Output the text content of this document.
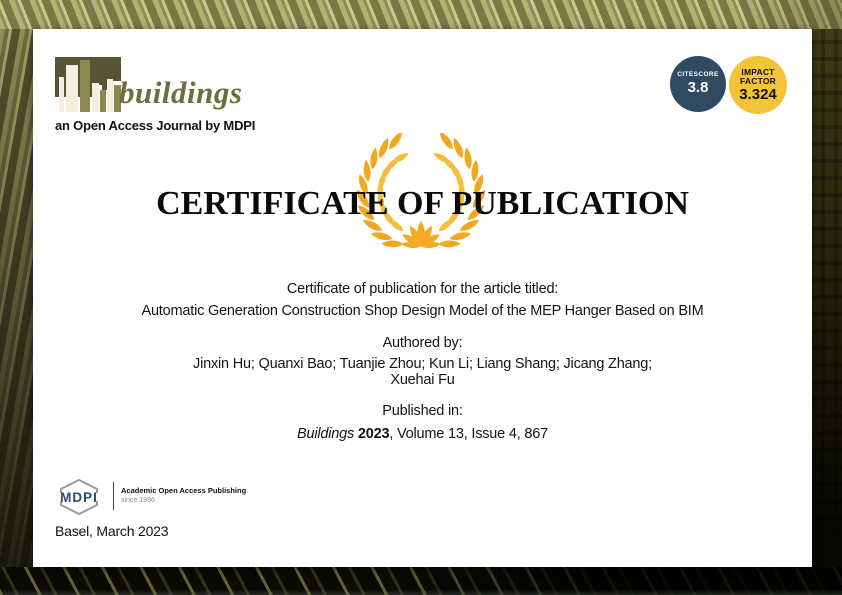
buildings
an Open Access Journal by MDPI
CITESCORE
3.8
IMPACT
FACTOR
3.324
CERTIFICATE OF PUBLICATION
Certificate of publication for the article titled:
Automatic Generation Construction Shop Design Model of the MEP Hanger Based on BIM
Authored by:
Jinxin Hu; Quanxi Bao; Tuanjie Zhou; Kun Li; Liang Shang; Jicang Zhang;
Xuehai Fu
Published in:
Buildings 2023, Volume 13, Issue 4, 867
MDPI	Academic Open Access Publishing
since 1996
Basel, March 2023
